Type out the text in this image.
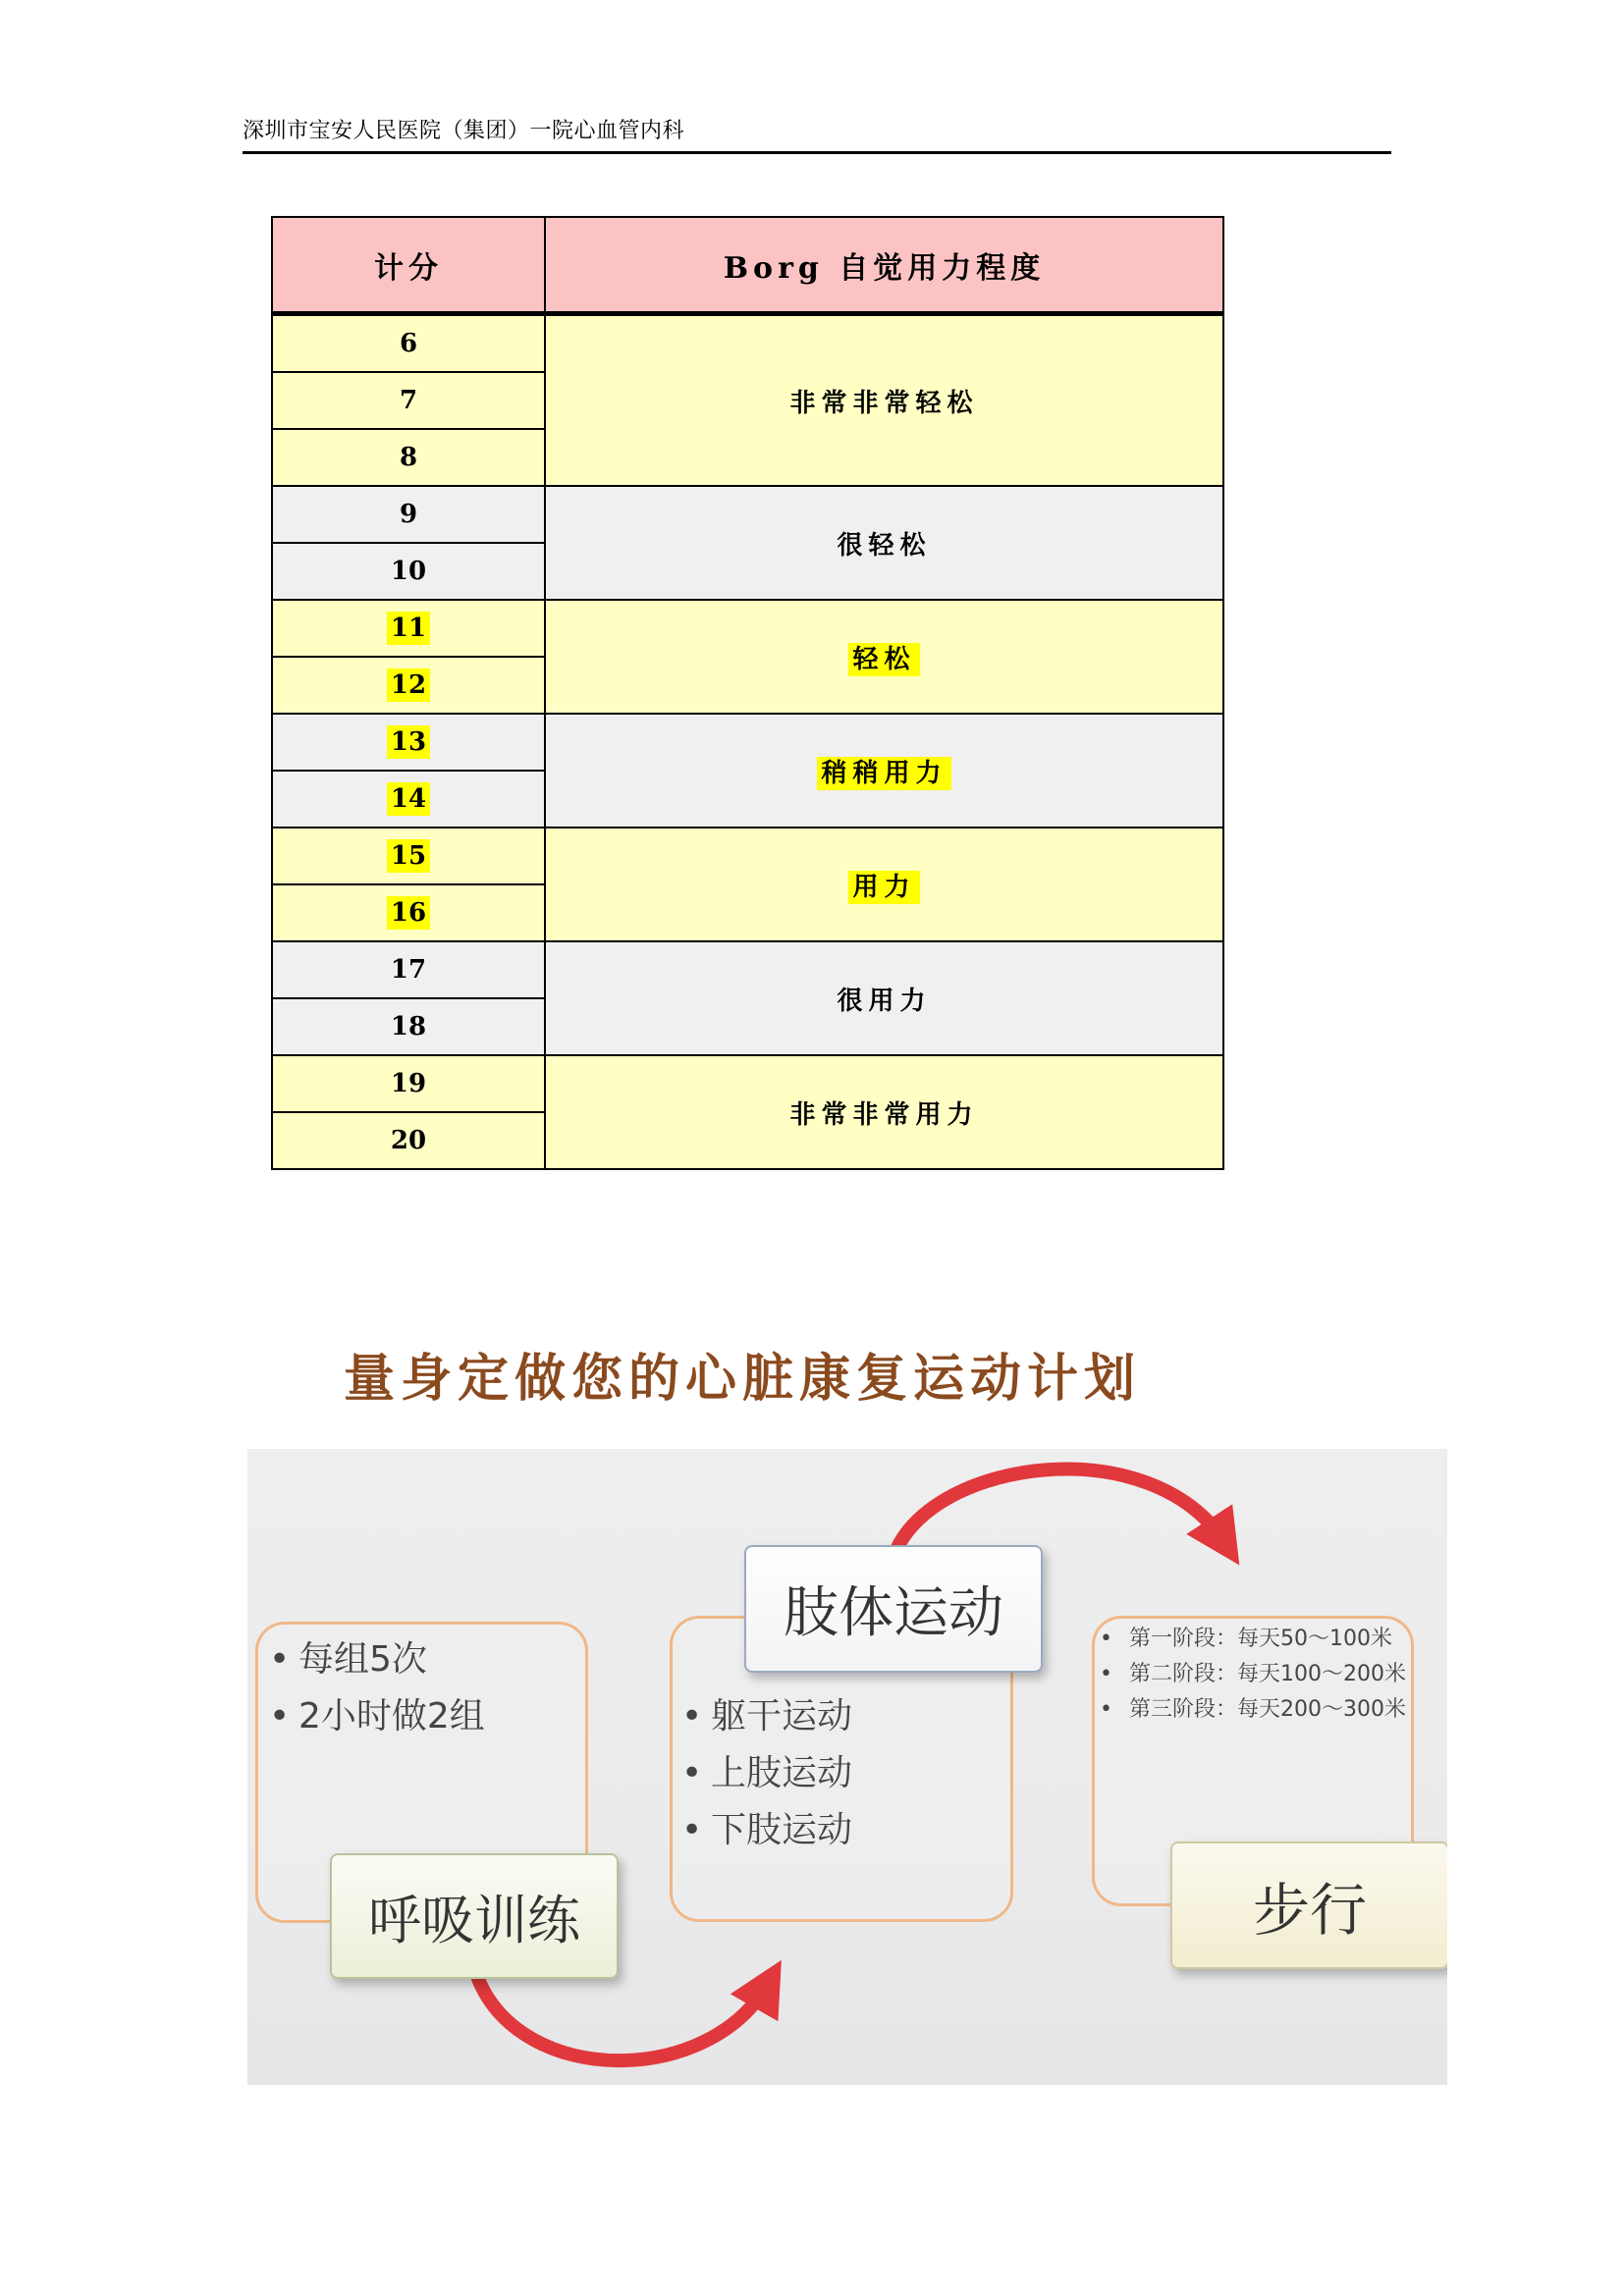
深圳市宝安人民医院（集团）一院心血管内科
计分	Borg 自觉用力程度
6	非常非常轻松
7	
8	
9	很轻松
10	
11	轻松
12	
13	稍稍用力
14	
15	用力
16	
17	很用力
18	
19	非常非常用力
20	
量身定做您的心脏康复运动计划
• 每组5次
• 2小时做2组
呼吸训练
• 躯干运动
• 上肢运动
• 下肢运动
肢体运动	• 第一阶段：每天50～100米
• 第二阶段：每天100～200米
• 第三阶段：每天200～300米
步行
